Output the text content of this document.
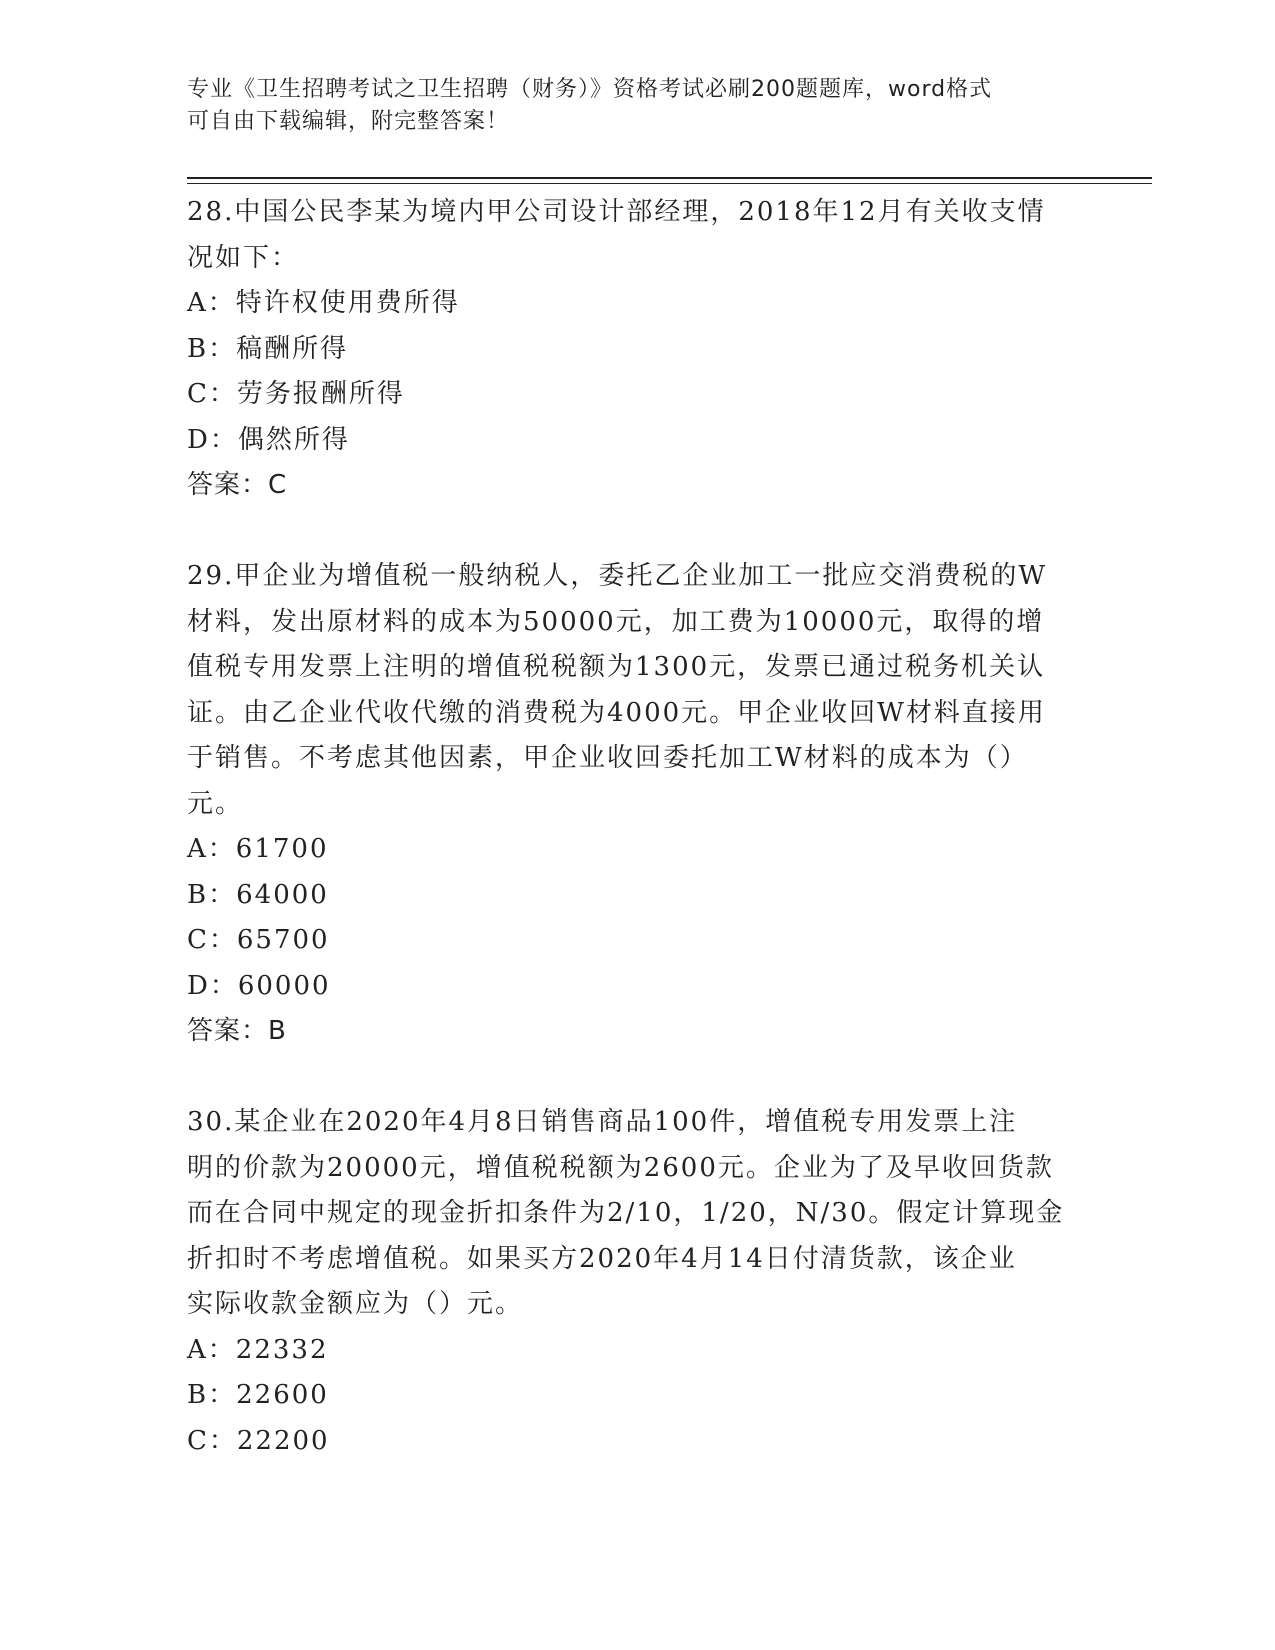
专业《卫生招聘考试之卫生招聘（财务）》资格考试必刷200题题库，word格式
可自由下载编辑，附完整答案！
28.中国公民李某为境内甲公司设计部经理，2018年12月有关收支情
况如下：
A：特许权使用费所得
B：稿酬所得
C：劳务报酬所得
D：偶然所得
答案：C
29.甲企业为增值税一般纳税人，委托乙企业加工一批应交消费税的W
材料，发出原材料的成本为50000元，加工费为10000元，取得的增
值税专用发票上注明的增值税税额为1300元，发票已通过税务机关认
证。由乙企业代收代缴的消费税为4000元。甲企业收回W材料直接用
于销售。不考虑其他因素，甲企业收回委托加工W材料的成本为（）
元。
A：61700
B：64000
C：65700
D：60000
答案：B
30.某企业在2020年4月8日销售商品100件，增值税专用发票上注
明的价款为20000元，增值税税额为2600元。企业为了及早收回货款
而在合同中规定的现金折扣条件为2/10，1/20，N/30。假定计算现金
折扣时不考虑增值税。如果买方2020年4月14日付清货款，该企业
实际收款金额应为（）元。
A：22332
B：22600
C：22200
